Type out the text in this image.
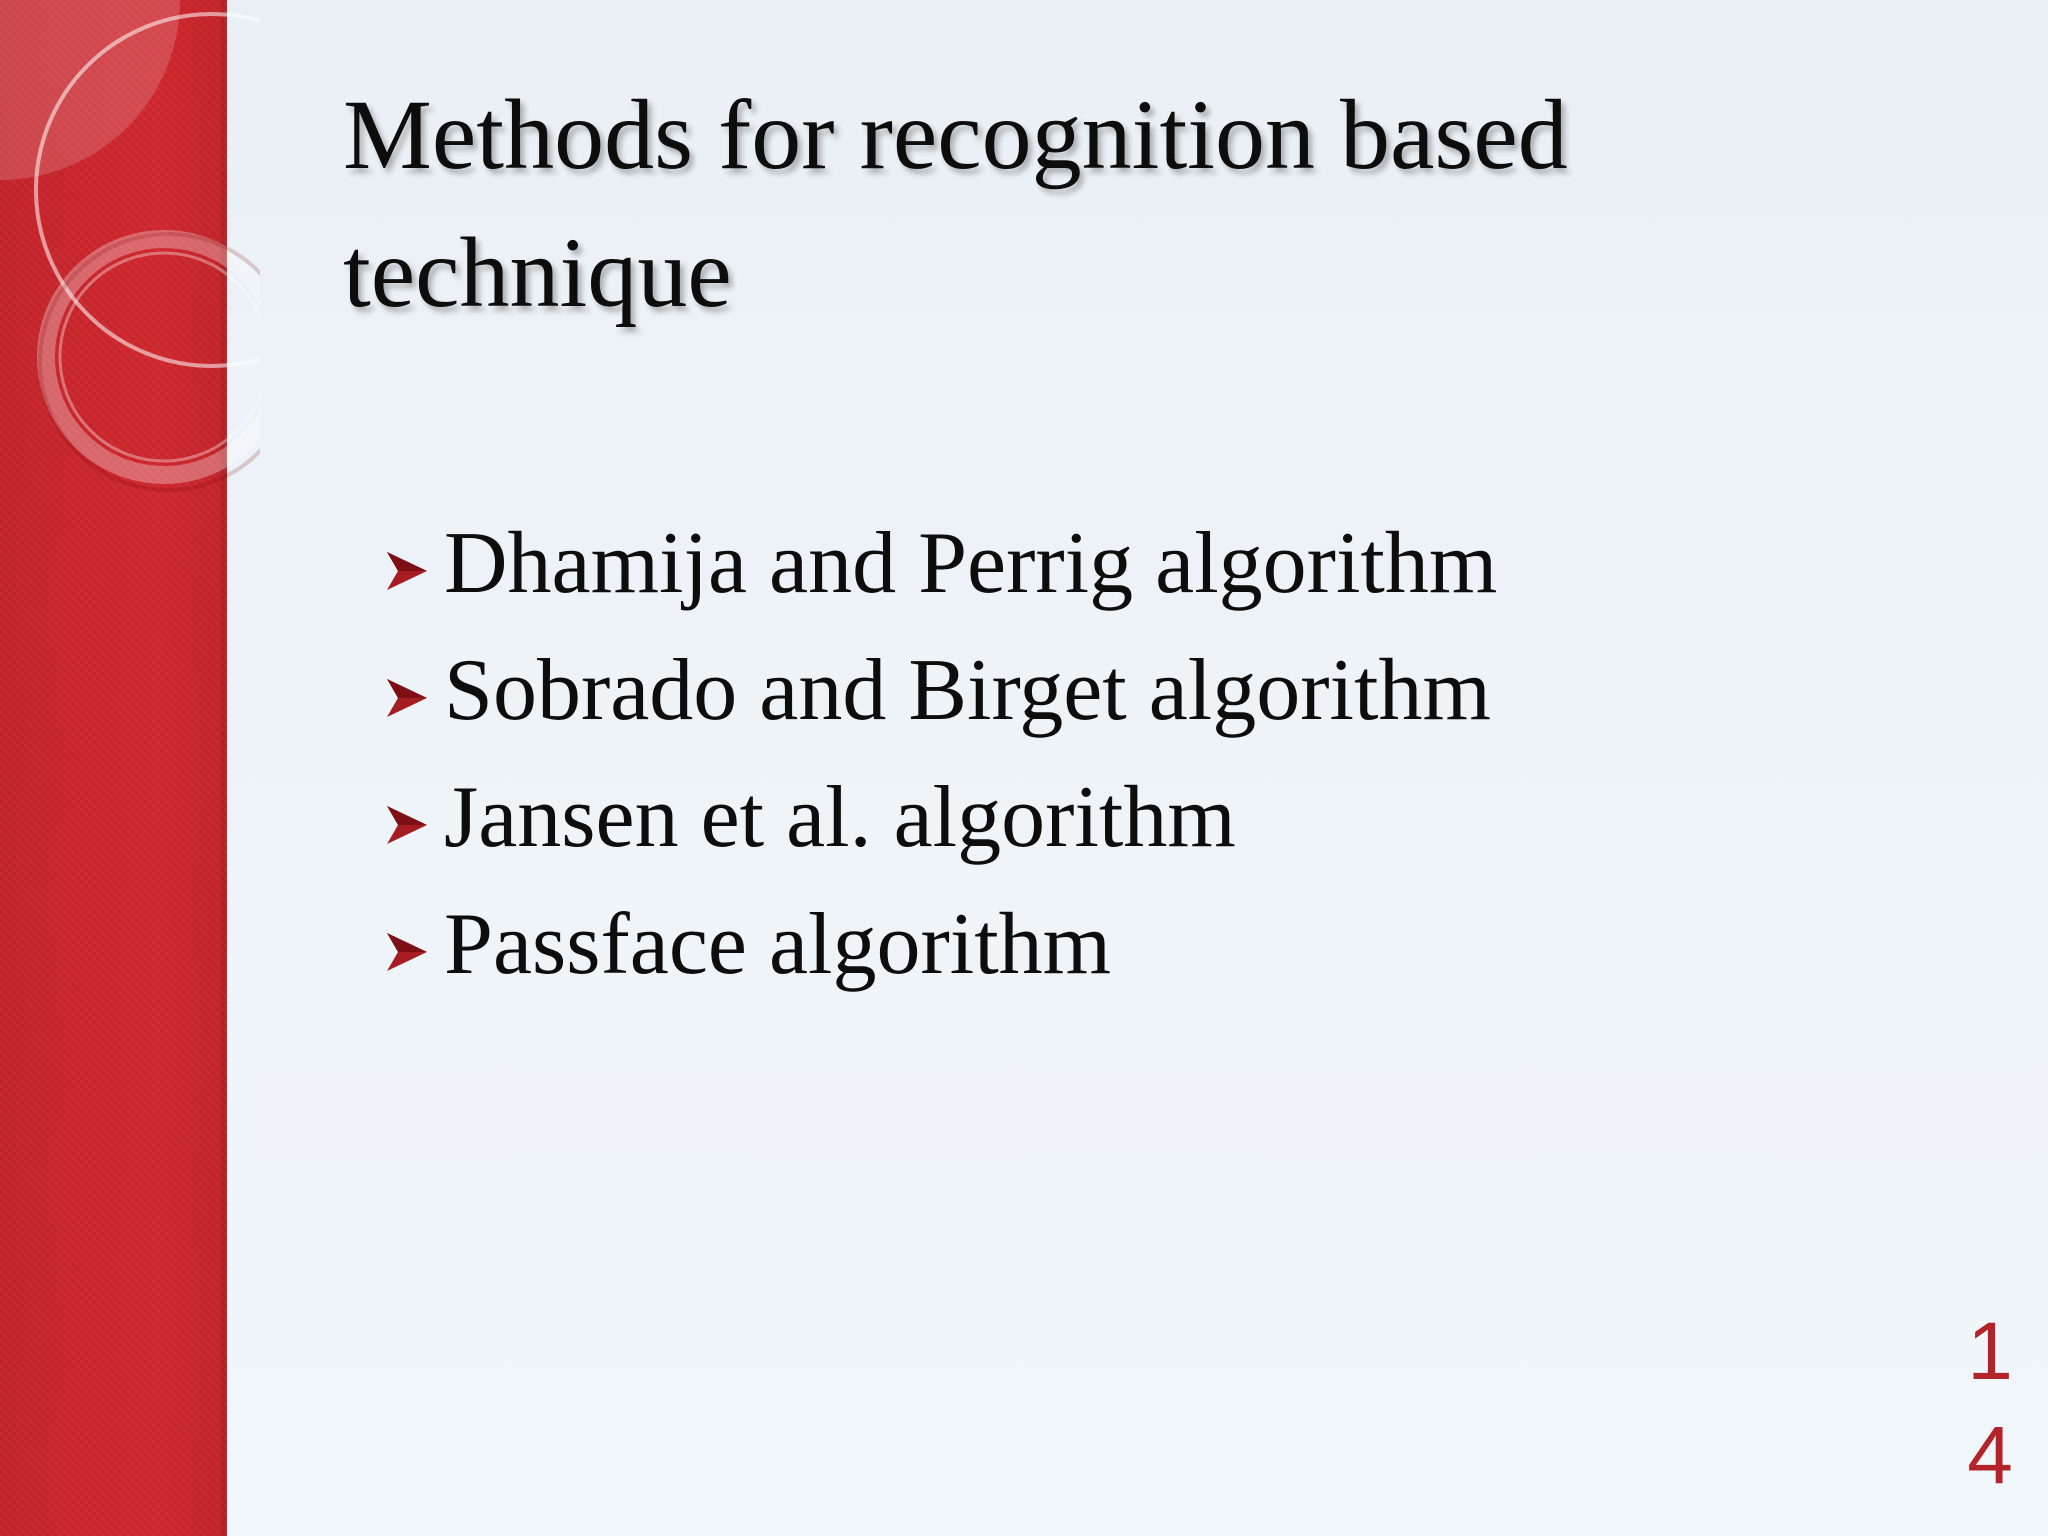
Methods for recognition based technique
Dhamija and Perrig algorithm
Sobrado and Birget algorithm
Jansen et al. algorithm
Passface algorithm
1
4
